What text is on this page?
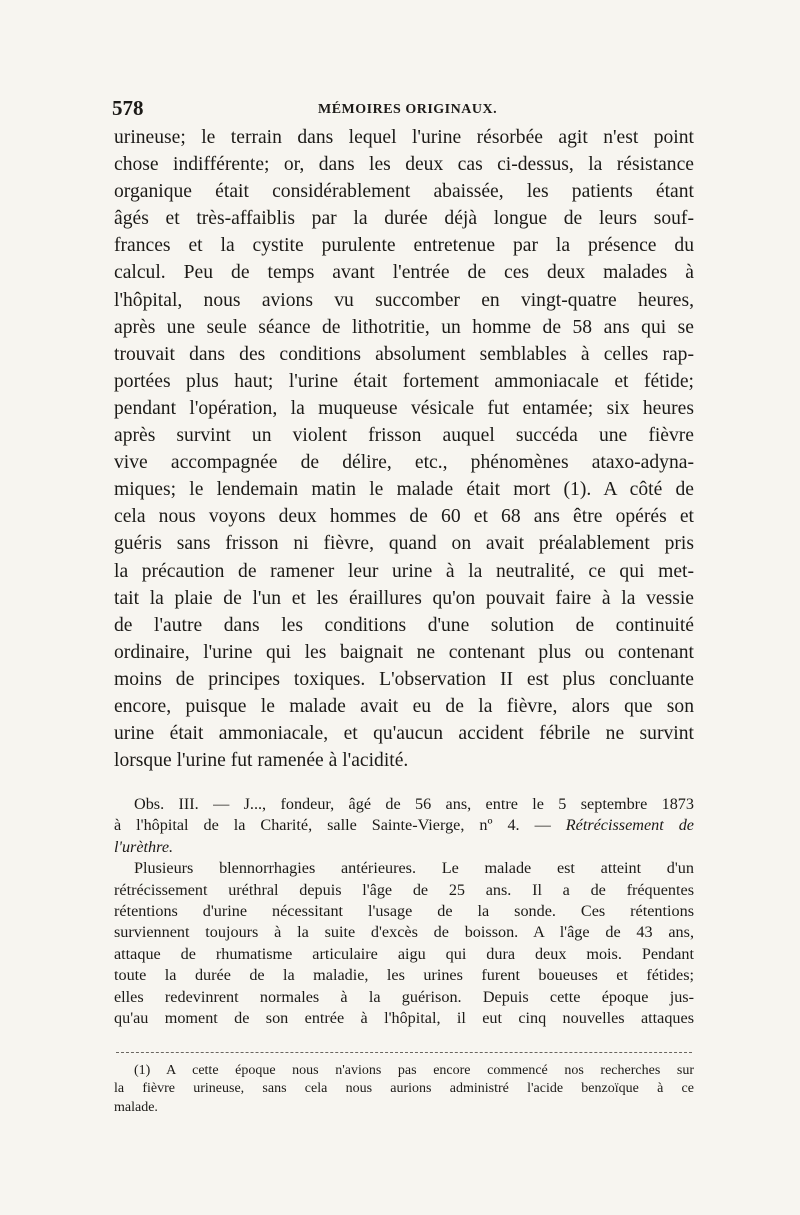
578	MÉMOIRES ORIGINAUX.
urineuse; le terrain dans lequel l'urine résorbée agit n'est point
chose indifférente; or, dans les deux cas ci-dessus, la résistance
organique était considérablement abaissée, les patients étant
âgés et très-affaiblis par la durée déjà longue de leurs souf-
frances et la cystite purulente entretenue par la présence du
calcul. Peu de temps avant l'entrée de ces deux malades à
l'hôpital, nous avions vu succomber en vingt-quatre heures,
après une seule séance de lithotritie, un homme de 58 ans qui se
trouvait dans des conditions absolument semblables à celles rap-
portées plus haut; l'urine était fortement ammoniacale et fétide;
pendant l'opération, la muqueuse vésicale fut entamée; six heures
après survint un violent frisson auquel succéda une fièvre
vive accompagnée de délire, etc., phénomènes ataxo-adyna-
miques; le lendemain matin le malade était mort (1). A côté de
cela nous voyons deux hommes de 60 et 68 ans être opérés et
guéris sans frisson ni fièvre, quand on avait préalablement pris
la précaution de ramener leur urine à la neutralité, ce qui met-
tait la plaie de l'un et les éraillures qu'on pouvait faire à la vessie
de l'autre dans les conditions d'une solution de continuité
ordinaire, l'urine qui les baignait ne contenant plus ou contenant
moins de principes toxiques. L'observation II est plus concluante
encore, puisque le malade avait eu de la fièvre, alors que son
urine était ammoniacale, et qu'aucun accident fébrile ne survint
lorsque l'urine fut ramenée à l'acidité.
Obs. III. — J..., fondeur, âgé de 56 ans, entre le 5 septembre 1873
à l'hôpital de la Charité, salle Sainte-Vierge, nº 4. — Rétrécissement de
l'urèthre.
Plusieurs blennorrhagies antérieures. Le malade est atteint d'un
rétrécissement uréthral depuis l'âge de 25 ans. Il a de fréquentes
rétentions d'urine nécessitant l'usage de la sonde. Ces rétentions
surviennent toujours à la suite d'excès de boisson. A l'âge de 43 ans,
attaque de rhumatisme articulaire aigu qui dura deux mois. Pendant
toute la durée de la maladie, les urines furent boueuses et fétides;
elles redevinrent normales à la guérison. Depuis cette époque jus-
qu'au moment de son entrée à l'hôpital, il eut cinq nouvelles attaques
(1) A cette époque nous n'avions pas encore commencé nos recherches sur
la fièvre urineuse, sans cela nous aurions administré l'acide benzoïque à ce
malade.
